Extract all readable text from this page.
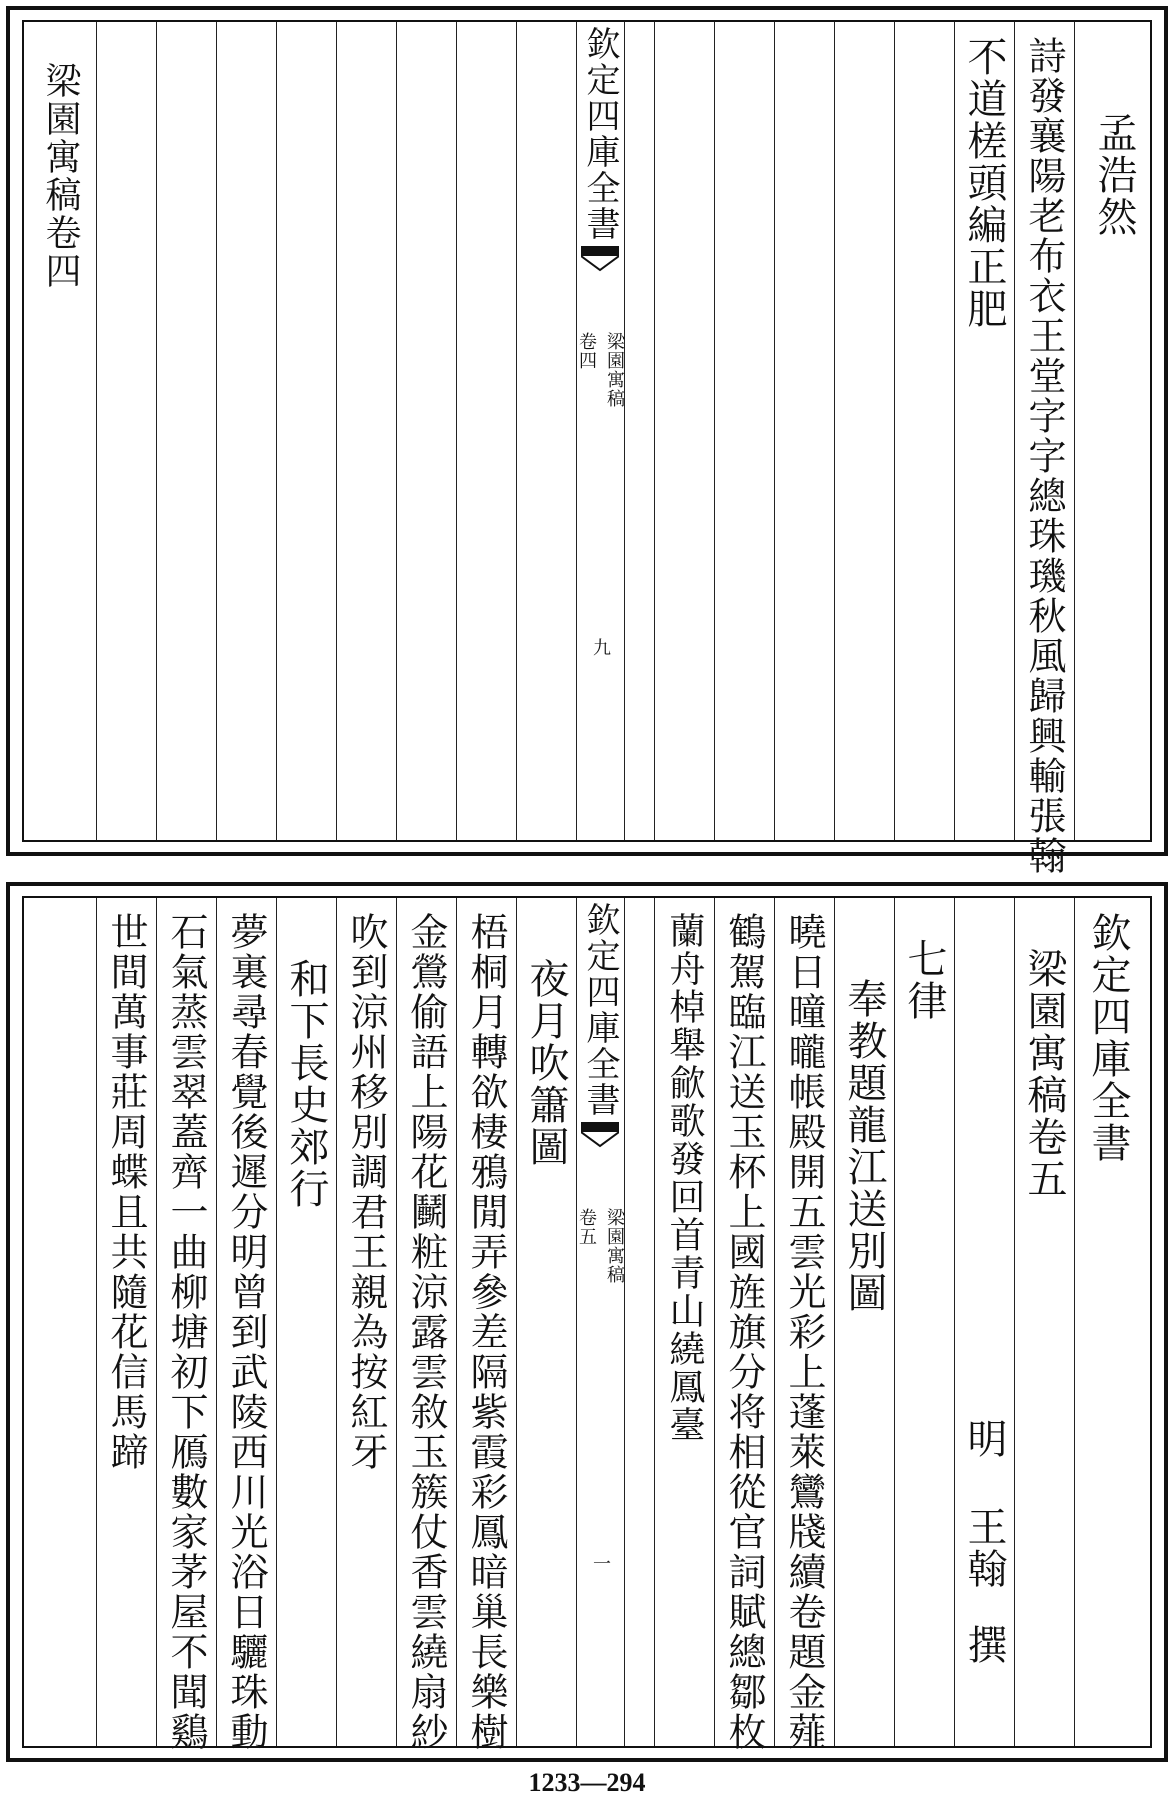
孟浩然
詩發襄陽老布衣王堂字字總珠璣秋風歸興輸張翰
不道槎頭編正肥
欽定四庫全書
梁園寓稿
卷四
九
梁園寓稿卷四
欽定四庫全書
梁園寓稿卷五
明
王翰
撰
七律
奉教題龍江送別圖
曉日曈曨帳殿開五雲光彩上蓬萊鸞牋續卷題金薤
鶴駕臨江送玉杯上國旌旗分将相從官詞賦總鄒枚
蘭舟棹舉歈歌發回首青山繞鳳臺
欽定四庫全書
梁園寓稿
卷五
一
夜月吹簫圖
梧桐月轉欲棲鴉閒弄參差隔紫霞彩鳳暗巢長樂樹
金鶯偷語上陽花鬭粧涼露雲敘玉簇仗香雲繞扇紗
吹到涼州移別調君王親為按紅牙
和下長史郊行
夢裏尋春覺後遲分明曾到武陵西川光浴日驪珠動
石氣蒸雲翠蓋齊一曲柳塘初下鴈數家茅屋不聞鷄
世間萬事莊周蝶且共隨花信馬蹄
1233—294
